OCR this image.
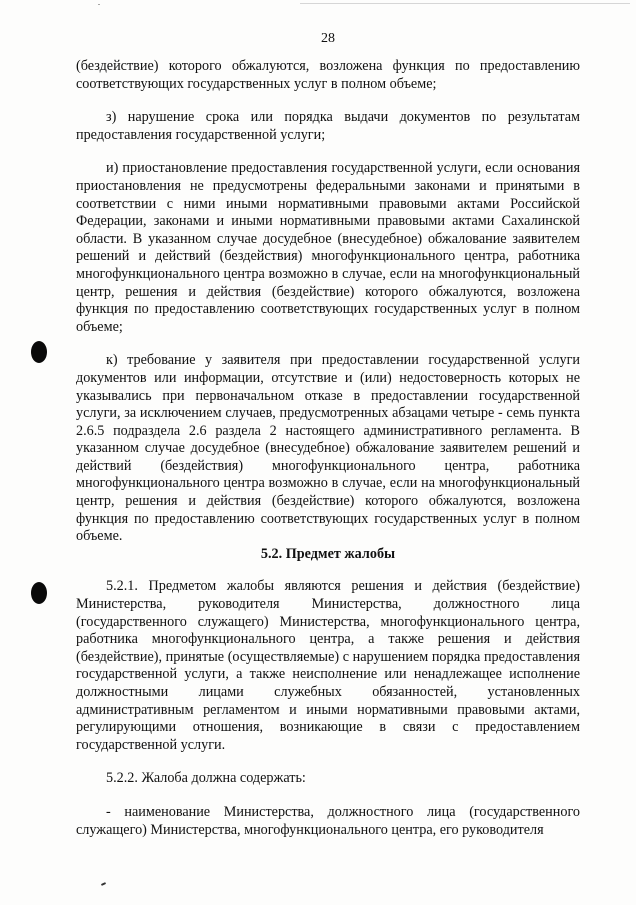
28

(бездействие) которого обжалуются, возложена функция по предоставлению соответствующих государственных услуг в полном объеме;

з) нарушение срока или порядка выдачи документов по результатам предоставления государственной услуги;

и) приостановление предоставления государственной услуги, если основания приостановления не предусмотрены федеральными законами и принятыми в соответствии с ними иными нормативными правовыми актами Российской Федерации, законами и иными нормативными правовыми актами Сахалинской области. В указанном случае досудебное (внесудебное) обжалование заявителем решений и действий (бездействия) многофункционального центра, работника многофункционального центра возможно в случае, если на многофункциональный центр, решения и действия (бездействие) которого обжалуются, возложена функция по предоставлению соответствующих государственных услуг в полном объеме;

к) требование у заявителя при предоставлении государственной услуги документов или информации, отсутствие и (или) недостоверность которых не указывались при первоначальном отказе в предоставлении государственной услуги, за исключением случаев, предусмотренных абзацами четыре - семь пункта 2.6.5 подраздела 2.6 раздела 2 настоящего административного регламента. В указанном случае досудебное (внесудебное) обжалование заявителем решений и действий (бездействия) многофункционального центра, работника многофункционального центра возможно в случае, если на многофункциональный центр, решения и действия (бездействие) которого обжалуются, возложена функция по предоставлению соответствующих государственных услуг в полном объеме.

5.2. Предмет жалобы

5.2.1. Предметом жалобы являются решения и действия (бездействие) Министерства, руководителя Министерства, должностного лица (государственного служащего) Министерства, многофункционального центра, работника многофункционального центра, а также решения и действия (бездействие), принятые (осуществляемые) с нарушением порядка предоставления государственной услуги, а также неисполнение или ненадлежащее исполнение должностными лицами служебных обязанностей, установленных административным регламентом и иными нормативными правовыми актами, регулирующими отношения, возникающие в связи с предоставлением государственной услуги.

5.2.2. Жалоба должна содержать:

- наименование Министерства, должностного лица (государственного служащего) Министерства, многофункционального центра, его руководителя
